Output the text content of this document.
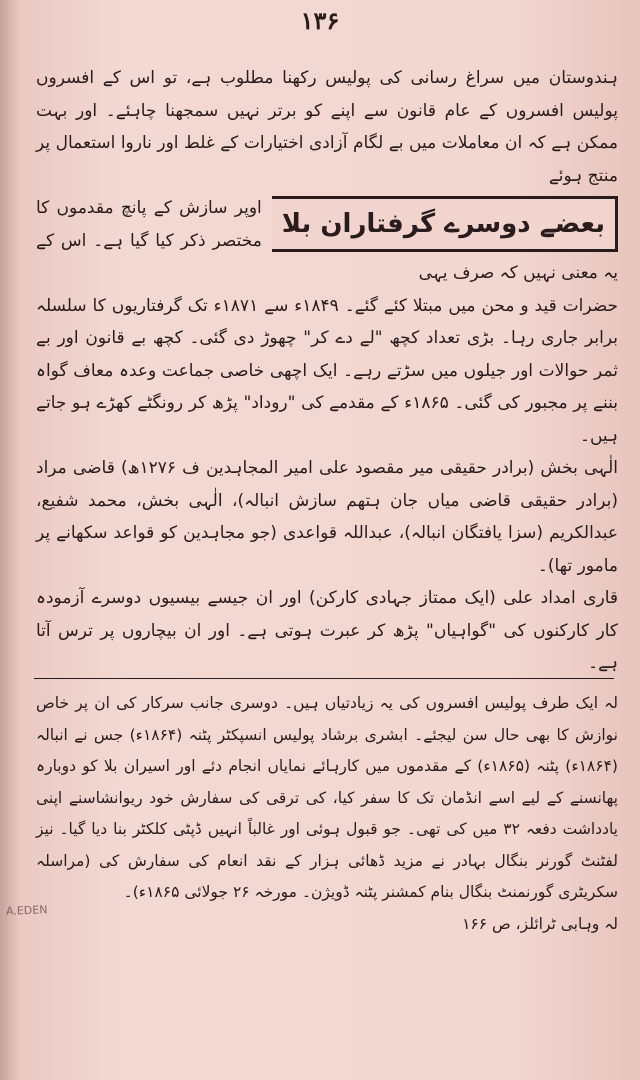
۱۳۶

ہندوستان میں سراغ رسانی کی پولیس رکھنا مطلوب ہے، تو اس کے افسروں پولیس افسروں کے عام قانون سے اپنے کو برتر نہیں سمجھنا چاہئے۔ اور بہت ممکن ہے کہ ان معاملات میں بے لگام آزادی اختیارات کے غلط اور ناروا استعمال پر منتج ہوئے

بعضے دوسرے گرفتاران بلا

اوپر سازش کے پانچ مقدموں کا مختصر ذکر کیا گیا ہے۔ اس کے یہ معنی نہیں کہ صرف یہی

حضرات قید و محن میں مبتلا کئے گئے۔ ۱۸۴۹ء سے ۱۸۷۱ء تک گرفتاریوں کا سلسلہ برابر جاری رہا۔ بڑی تعداد کچھ "لے دے کر" چھوڑ دی گئی۔ کچھ بے قانون اور بے ثمر حوالات اور جیلوں میں سڑتے رہے۔ ایک اچھی خاصی جماعت وعدہ معاف گواہ بننے پر مجبور کی گئی۔ ۱۸۶۵ء کے مقدمے کی "روداد" پڑھ کر رونگٹے کھڑے ہو جاتے ہیں۔

الٰہی بخش (برادر حقیقی میر مقصود علی امیر المجاہدین ف ۱۲۷۶ھ) قاضی مراد (برادر حقیقی قاضی میاں جان ہتھم سازش انبالہ)، الٰہی بخش، محمد شفیع، عبدالکریم (سزا یافتگان انبالہ)، عبداللہ قواعدی (جو مجاہدین کو قواعد سکھانے پر مامور تھا)۔

قاری امداد علی (ایک ممتاز جہادی کارکن) اور ان جیسے بیسیوں دوسرے آزمودہ کار کارکنوں کی "گواہیاں" پڑھ کر عبرت ہوتی ہے۔ اور ان بیچاروں پر ترس آتا ہے۔

لہ ایک طرف پولیس افسروں کی یہ زیادتیاں ہیں۔ دوسری جانب سرکار کی ان پر خاص نوازش کا بھی حال سن لیجئے۔ ابشری برشاد پولیس انسپکٹر پٹنہ (۱۸۶۴ء) جس نے انبالہ (۱۸۶۴ء) پٹنہ (۱۸۶۵ء) کے مقدموں میں کارہائے نمایاں انجام دئے اور اسیران بلا کو دوبارہ پھانسنے کے لیے اسے انڈمان تک کا سفر کیا، کی ترقی کی سفارش خود ریوانشاسنے اپنی یادداشت دفعہ ۳۲ میں کی تھی۔ جو قبول ہوئی اور غالباً انہیں ڈپٹی کلکٹر بنا دیا گیا۔ نیز لفٹنٹ گورنر بنگال بہادر نے مزید ڈھائی ہزار کے نقد انعام کی سفارش کی (مراسلہ سکریٹری گورنمنٹ بنگال بنام کمشنر پٹنہ ڈویژن۔ مورخہ ۲۶ جولائی ۱۸۶۵ء)۔

لہ وہابی ٹرائلز، ص ۱۶۶

A.EDEN
